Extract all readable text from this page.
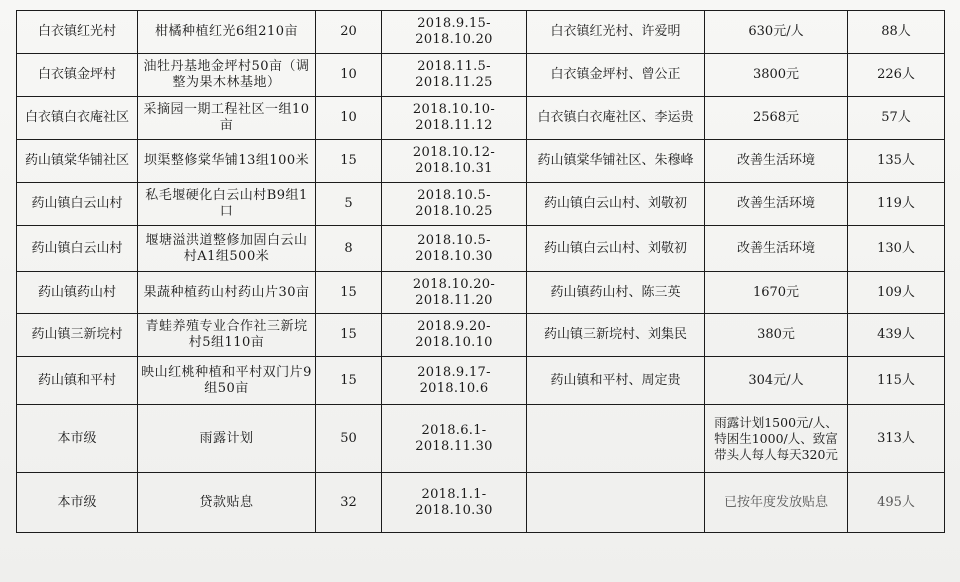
白衣镇红光村	柑橘种植红光6组210亩	20	2018.9.15-2018.10.20	白衣镇红光村、许爱明	630元/人	88人
白衣镇金坪村	油牡丹基地金坪村50亩（调整为果木林基地）	10	2018.11.5-2018.11.25	白衣镇金坪村、曾公正	3800元	226人
白衣镇白衣庵社区	采摘园一期工程社区一组10亩	10	2018.10.10-2018.11.12	白衣镇白衣庵社区、李运贵	2568元	57人
药山镇棠华铺社区	坝渠整修棠华铺13组100米	15	2018.10.12-2018.10.31	药山镇棠华铺社区、朱穆峰	改善生活环境	135人
药山镇白云山村	私毛堰硬化白云山村B9组1口	5	2018.10.5-2018.10.25	药山镇白云山村、刘敬初	改善生活环境	119人
药山镇白云山村	堰塘溢洪道整修加固白云山村A1组500米	8	2018.10.5-2018.10.30	药山镇白云山村、刘敬初	改善生活环境	130人
药山镇药山村	果蔬种植药山村药山片30亩	15	2018.10.20-2018.11.20	药山镇药山村、陈三英	1670元	109人
药山镇三新垸村	青蛙养殖专业合作社三新垸村5组110亩	15	2018.9.20-2018.10.10	药山镇三新垸村、刘集民	380元	439人
药山镇和平村	映山红桃种植和平村双门片9组50亩	15	2018.9.17-2018.10.6	药山镇和平村、周定贵	304元/人	115人
本市级	雨露计划	50	2018.6.1-2018.11.30		雨露计划1500元/人、特困生1000/人、致富带头人每人每天320元	313人
本市级	贷款贴息	32	2018.1.1-2018.10.30		已按年度发放贴息	495人
